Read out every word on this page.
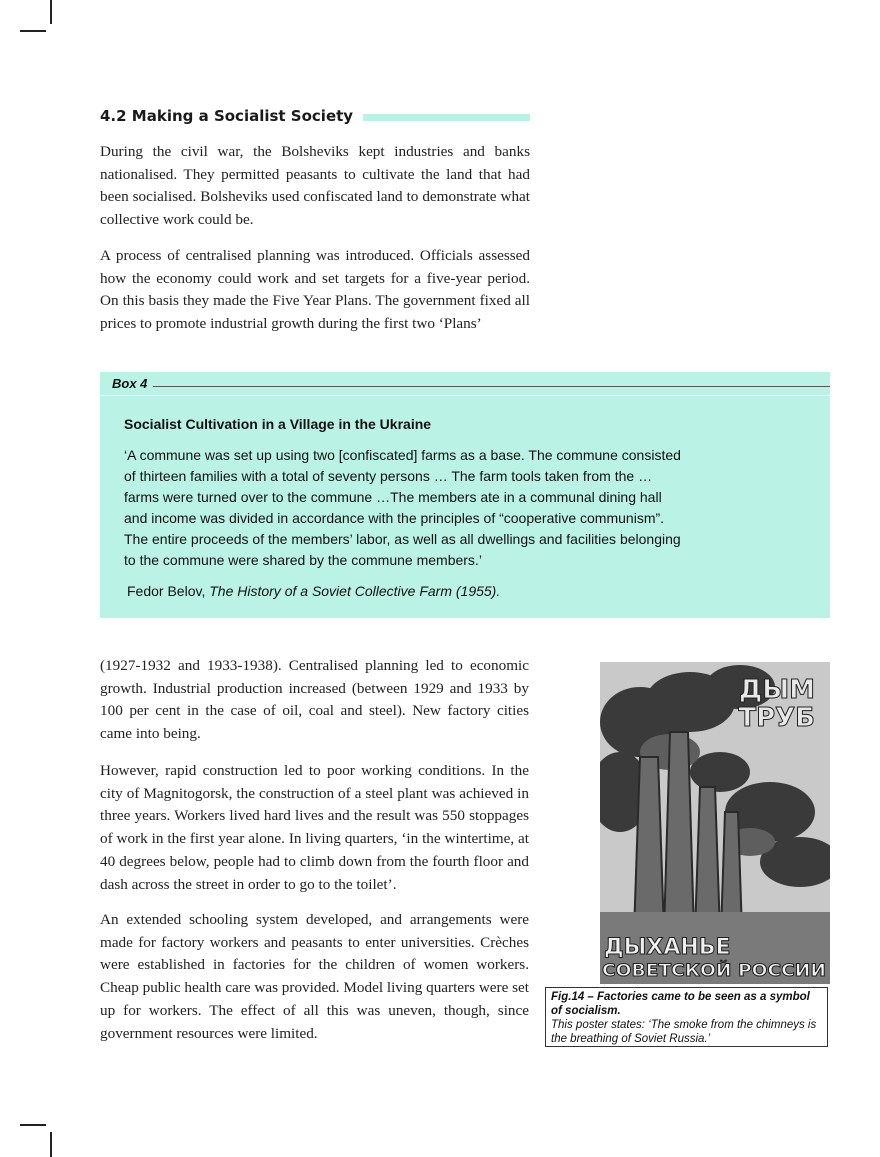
4.2 Making a Socialist Society

During the civil war, the Bolsheviks kept industries and banks nationalised. They permitted peasants to cultivate the land that had been socialised. Bolsheviks used confiscated land to demonstrate what collective work could be.

A process of centralised planning was introduced. Officials assessed how the economy could work and set targets for a five-year period. On this basis they made the Five Year Plans. The government fixed all prices to promote industrial growth during the first two ‘Plans’

Box 4

Socialist Cultivation in a Village in the Ukraine

‘A commune was set up using two [confiscated] farms as a base. The commune consisted of thirteen families with a total of seventy persons … The farm tools taken from the … farms were turned over to the commune …The members ate in a communal dining hall and income was divided in accordance with the principles of “cooperative communism”. The entire proceeds of the members’ labor, as well as all dwellings and facilities belonging to the commune were shared by the commune members.’

Fedor Belov, The History of a Soviet Collective Farm (1955).

(1927-1932 and 1933-1938). Centralised planning led to economic growth. Industrial production increased (between 1929 and 1933 by 100 per cent in the case of oil, coal and steel). New factory cities came into being.

However, rapid construction led to poor working conditions. In the city of Magnitogorsk, the construction of a steel plant was achieved in three years. Workers lived hard lives and the result was 550 stoppages of work in the first year alone. In living quarters, ‘in the wintertime, at 40 degrees below, people had to climb down from the fourth floor and dash across the street in order to go to the toilet’.

An extended schooling system developed, and arrangements were made for factory workers and peasants to enter universities. Crèches were established in factories for the children of women workers. Cheap public health care was provided. Model living quarters were set up for workers. The effect of all this was uneven, though, since government resources were limited.

ДЫМ
ТРУБ
ДЫХАНЬЕ
СОВЕТСКОЙ РОССИИ
Fig.14 – Factories came to be seen as a symbol of socialism.
This poster states: ‘The smoke from the chimneys is the breathing of Soviet Russia.’
